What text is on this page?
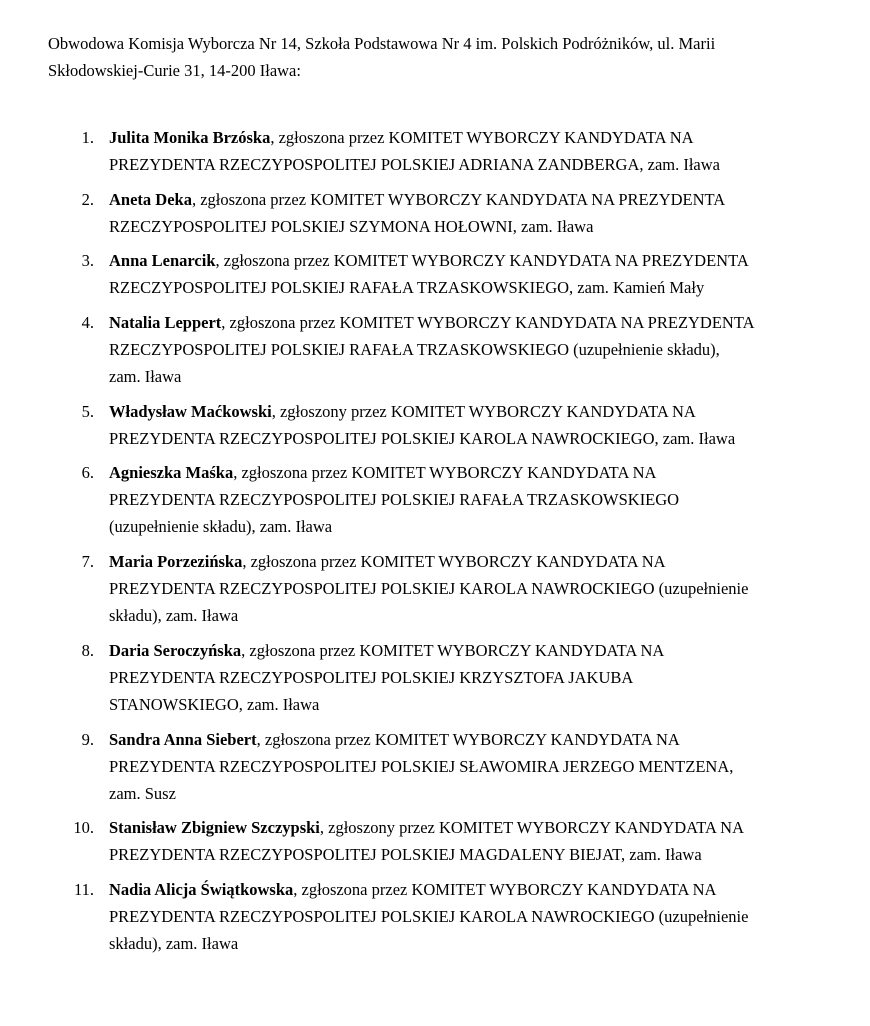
Obwodowa Komisja Wyborcza Nr 14, Szkoła Podstawowa Nr 4 im. Polskich Podróżników, ul. Marii
Skłodowskiej-Curie 31, 14-200 Iława:

1. Julita Monika Brzóska, zgłoszona przez KOMITET WYBORCZY KANDYDATA NA
PREZYDENTA RZECZYPOSPOLITEJ POLSKIEJ ADRIANA ZANDBERGA, zam. Iława
2. Aneta Deka, zgłoszona przez KOMITET WYBORCZY KANDYDATA NA PREZYDENTA
RZECZYPOSPOLITEJ POLSKIEJ SZYMONA HOŁOWNI, zam. Iława
3. Anna Lenarcik, zgłoszona przez KOMITET WYBORCZY KANDYDATA NA PREZYDENTA
RZECZYPOSPOLITEJ POLSKIEJ RAFAŁA TRZASKOWSKIEGO, zam. Kamień Mały
4. Natalia Leppert, zgłoszona przez KOMITET WYBORCZY KANDYDATA NA PREZYDENTA
RZECZYPOSPOLITEJ POLSKIEJ RAFAŁA TRZASKOWSKIEGO (uzupełnienie składu),
zam. Iława
5. Władysław Maćkowski, zgłoszony przez KOMITET WYBORCZY KANDYDATA NA
PREZYDENTA RZECZYPOSPOLITEJ POLSKIEJ KAROLA NAWROCKIEGO, zam. Iława
6. Agnieszka Maśka, zgłoszona przez KOMITET WYBORCZY KANDYDATA NA
PREZYDENTA RZECZYPOSPOLITEJ POLSKIEJ RAFAŁA TRZASKOWSKIEGO
(uzupełnienie składu), zam. Iława
7. Maria Porzezińska, zgłoszona przez KOMITET WYBORCZY KANDYDATA NA
PREZYDENTA RZECZYPOSPOLITEJ POLSKIEJ KAROLA NAWROCKIEGO (uzupełnienie
składu), zam. Iława
8. Daria Seroczyńska, zgłoszona przez KOMITET WYBORCZY KANDYDATA NA
PREZYDENTA RZECZYPOSPOLITEJ POLSKIEJ KRZYSZTOFA JAKUBA
STANOWSKIEGO, zam. Iława
9. Sandra Anna Siebert, zgłoszona przez KOMITET WYBORCZY KANDYDATA NA
PREZYDENTA RZECZYPOSPOLITEJ POLSKIEJ SŁAWOMIRA JERZEGO MENTZENA,
zam. Susz
10. Stanisław Zbigniew Szczypski, zgłoszony przez KOMITET WYBORCZY KANDYDATA NA
PREZYDENTA RZECZYPOSPOLITEJ POLSKIEJ MAGDALENY BIEJAT, zam. Iława
11. Nadia Alicja Świątkowska, zgłoszona przez KOMITET WYBORCZY KANDYDATA NA
PREZYDENTA RZECZYPOSPOLITEJ POLSKIEJ KAROLA NAWROCKIEGO (uzupełnienie
składu), zam. Iława
